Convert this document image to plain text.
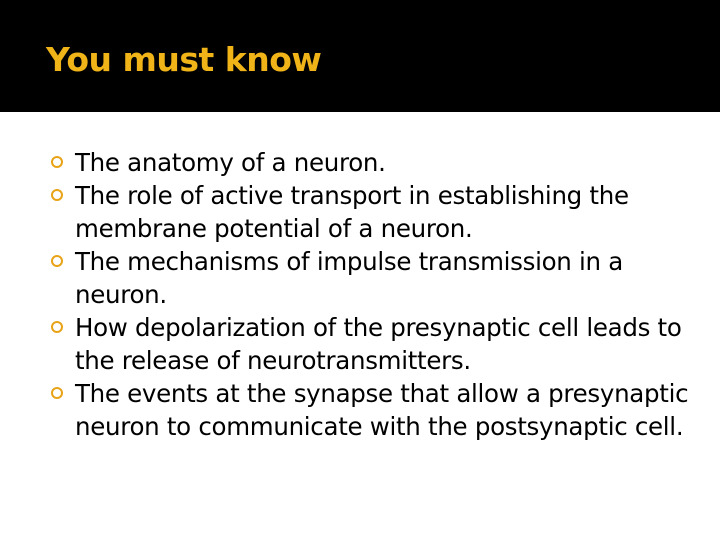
You must know
The anatomy of a neuron.
The role of active transport in establishing the membrane potential of a neuron.
The mechanisms of impulse transmission in a neuron.
How depolarization of the presynaptic cell leads to the release of neurotransmitters.
The events at the synapse that allow a presynaptic neuron to communicate with the postsynaptic cell.
